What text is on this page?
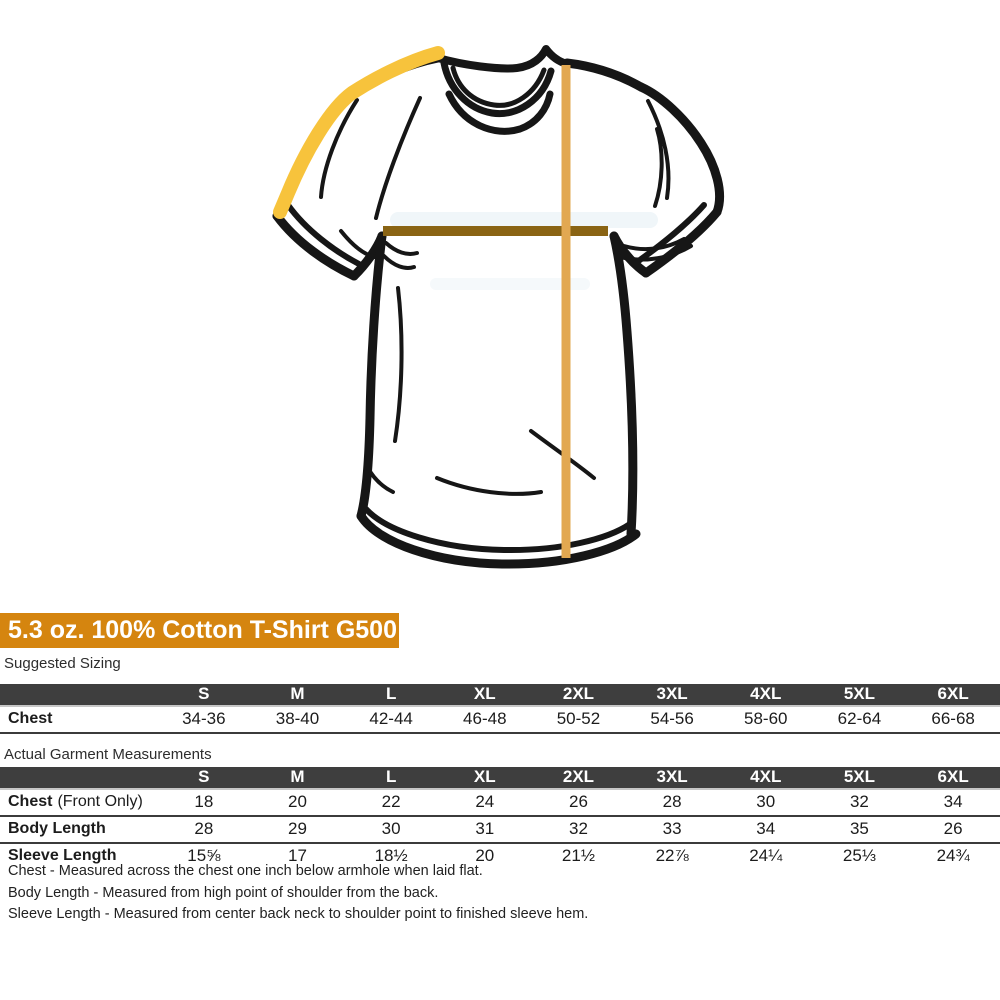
5.3 oz. 100% Cotton T-Shirt G500
Suggested Sizing
	S	M	L	XL	2XL	3XL	4XL	5XL	6XL
Chest	34-36	38-40	42-44	46-48	50-52	54-56	58-60	62-64	66-68
Actual Garment Measurements
	S	M	L	XL	2XL	3XL	4XL	5XL	6XL
Chest (Front Only)	18	20	22	24	26	28	30	32	34
Body Length	28	29	30	31	32	33	34	35	26
Sleeve Length	15⅝	17	18½	20	21½	22⅞	24¼	25⅓	24¾

Chest - Measured across the chest one inch below armhole when laid flat.

Body Length - Measured from high point of shoulder from the back.

Sleeve Length - Measured from center back neck to shoulder point to finished sleeve hem.
